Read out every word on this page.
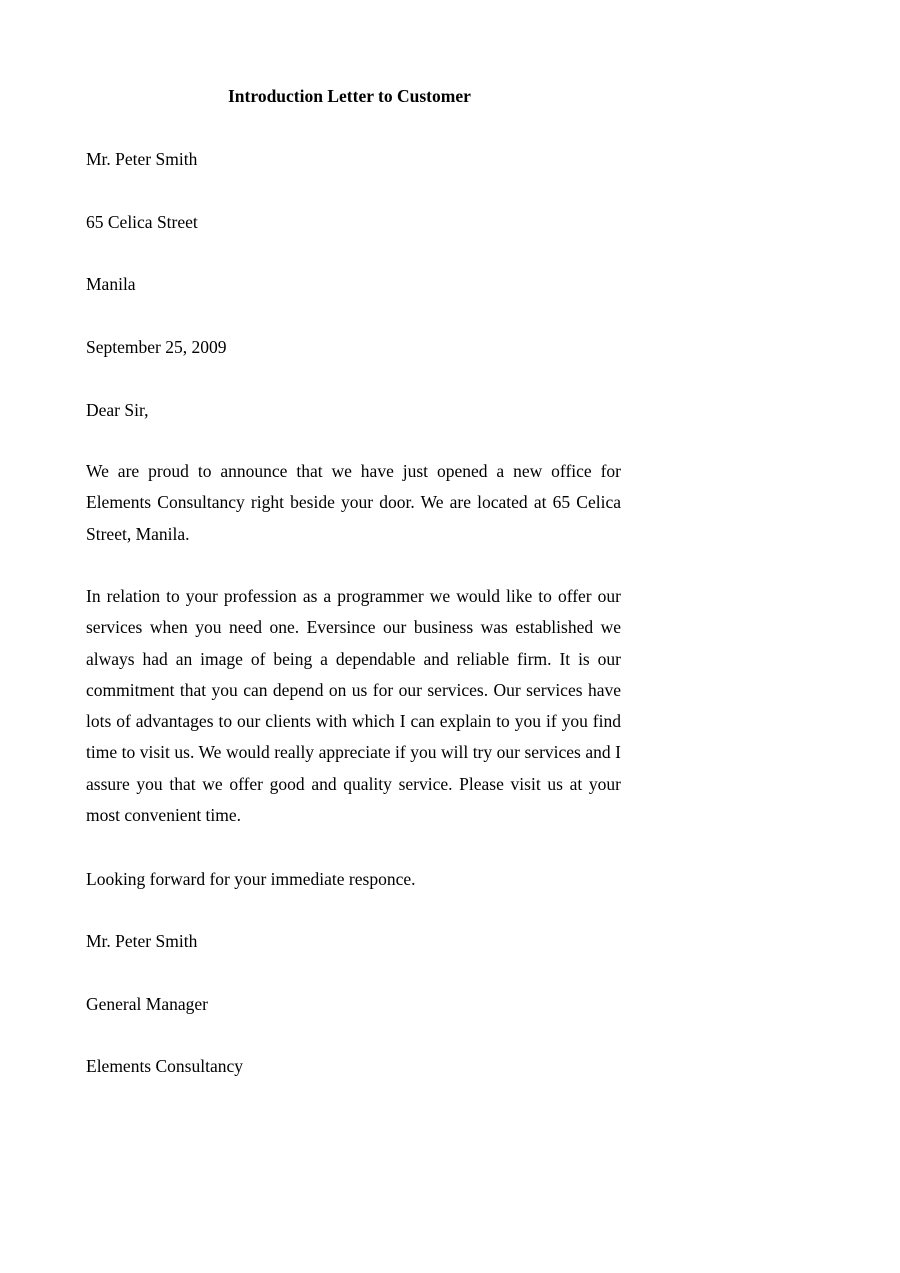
Introduction Letter to Customer
Mr. Peter Smith
65 Celica Street
Manila
September 25, 2009
Dear Sir,
We are proud to announce that we have just opened a new office for Elements Consultancy right beside your door. We are located at 65 Celica Street, Manila.
In relation to your profession as a programmer we would like to offer our services when you need one. Eversince our business was established we always had an image of being a dependable and reliable firm. It is our commitment that you can depend on us for our services. Our services have lots of advantages to our clients with which I can explain to you if you find time to visit us. We would really appreciate if you will try our services and I assure you that we offer good and quality service. Please visit us at your most convenient time.
Looking forward for your immediate responce.
Mr. Peter Smith
General Manager
Elements Consultancy
